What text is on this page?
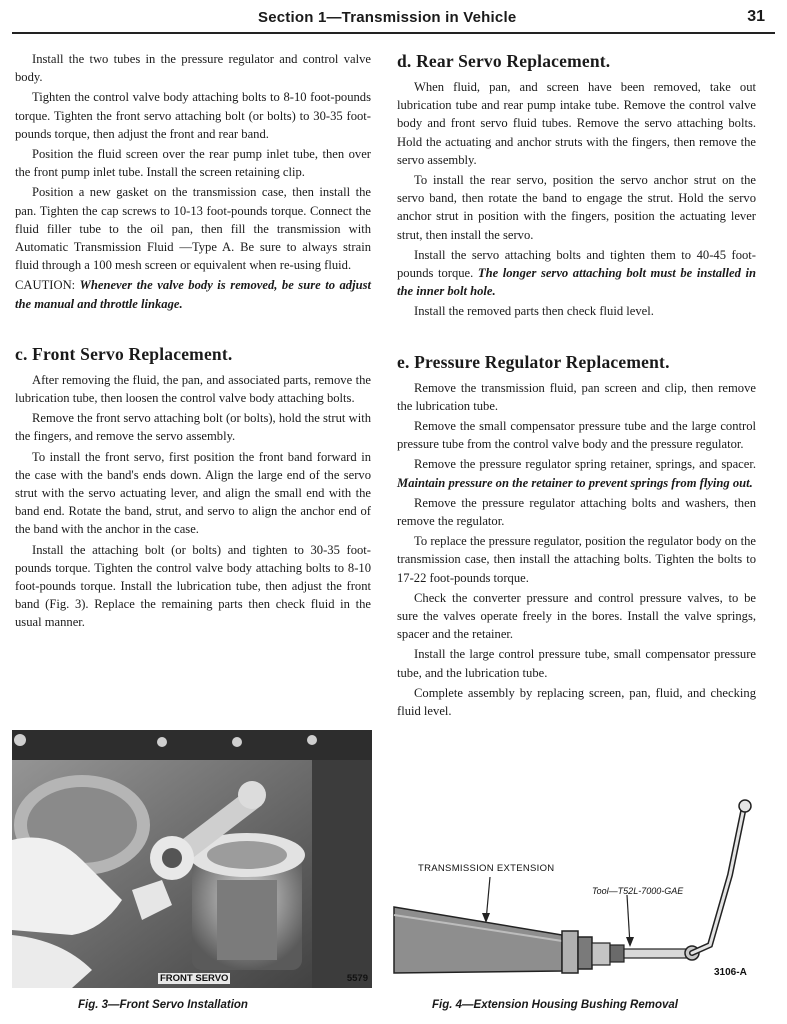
Section 1—Transmission in Vehicle	31

Install the two tubes in the pressure regulator and control valve body.

Tighten the control valve body attaching bolts to 8-10 foot-pounds torque. Tighten the front servo attaching bolt (or bolts) to 30-35 foot-pounds torque, then adjust the front and rear band.

Position the fluid screen over the rear pump inlet tube, then over the front pump inlet tube. Install the screen retaining clip.

Position a new gasket on the transmission case, then install the pan. Tighten the cap screws to 10-13 foot-pounds torque. Connect the fluid filler tube to the oil pan, then fill the transmission with Automatic Transmission Fluid —Type A. Be sure to always strain fluid through a 100 mesh screen or equivalent when re-using fluid.

CAUTION: Whenever the valve body is removed, be sure to adjust the manual and throttle linkage.

c. Front Servo Replacement.

After removing the fluid, the pan, and associated parts, remove the lubrication tube, then loosen the control valve body attaching bolts.

Remove the front servo attaching bolt (or bolts), hold the strut with the fingers, and remove the servo assembly.

To install the front servo, first position the front band forward in the case with the band's ends down. Align the large end of the servo strut with the servo actuating lever, and align the small end with the band end. Rotate the band, strut, and servo to align the anchor end of the band with the anchor in the case.

Install the attaching bolt (or bolts) and tighten to 30-35 foot-pounds torque. Tighten the control valve body attaching bolts to 8-10 foot-pounds torque. Install the lubrication tube, then adjust the front band (Fig. 3). Replace the remaining parts then check fluid in the usual manner.

d. Rear Servo Replacement.

When fluid, pan, and screen have been removed, take out lubrication tube and rear pump intake tube. Remove the control valve body and front servo fluid tubes. Remove the servo attaching bolts. Hold the actuating and anchor struts with the fingers, then remove the servo assembly.

To install the rear servo, position the servo anchor strut on the servo band, then rotate the band to engage the strut. Hold the servo anchor strut in position with the fingers, position the actuating lever strut, then install the servo.

Install the servo attaching bolts and tighten them to 40-45 foot-pounds torque. The longer servo attaching bolt must be installed in the inner bolt hole.

Install the removed parts then check fluid level.

e. Pressure Regulator Replacement.

Remove the transmission fluid, pan screen and clip, then remove the lubrication tube.

Remove the small compensator pressure tube and the large control pressure tube from the control valve body and the pressure regulator.

Remove the pressure regulator spring retainer, springs, and spacer. Maintain pressure on the retainer to prevent springs from flying out.

Remove the pressure regulator attaching bolts and washers, then remove the regulator.

To replace the pressure regulator, position the regulator body on the transmission case, then install the attaching bolts. Tighten the bolts to 17-22 foot-pounds torque.

Check the converter pressure and control pressure valves, to be sure the valves operate freely in the bores. Install the valve springs, spacer and the retainer.

Install the large control pressure tube, small compensator pressure tube, and the lubrication tube.

Complete assembly by replacing screen, pan, fluid, and checking fluid level.

FRONT SERVO	5579
Fig. 3—Front Servo Installation
TRANSMISSION EXTENSION
Tool—T52L-7000-GAE
3106-A
Fig. 4—Extension Housing Bushing Removal
